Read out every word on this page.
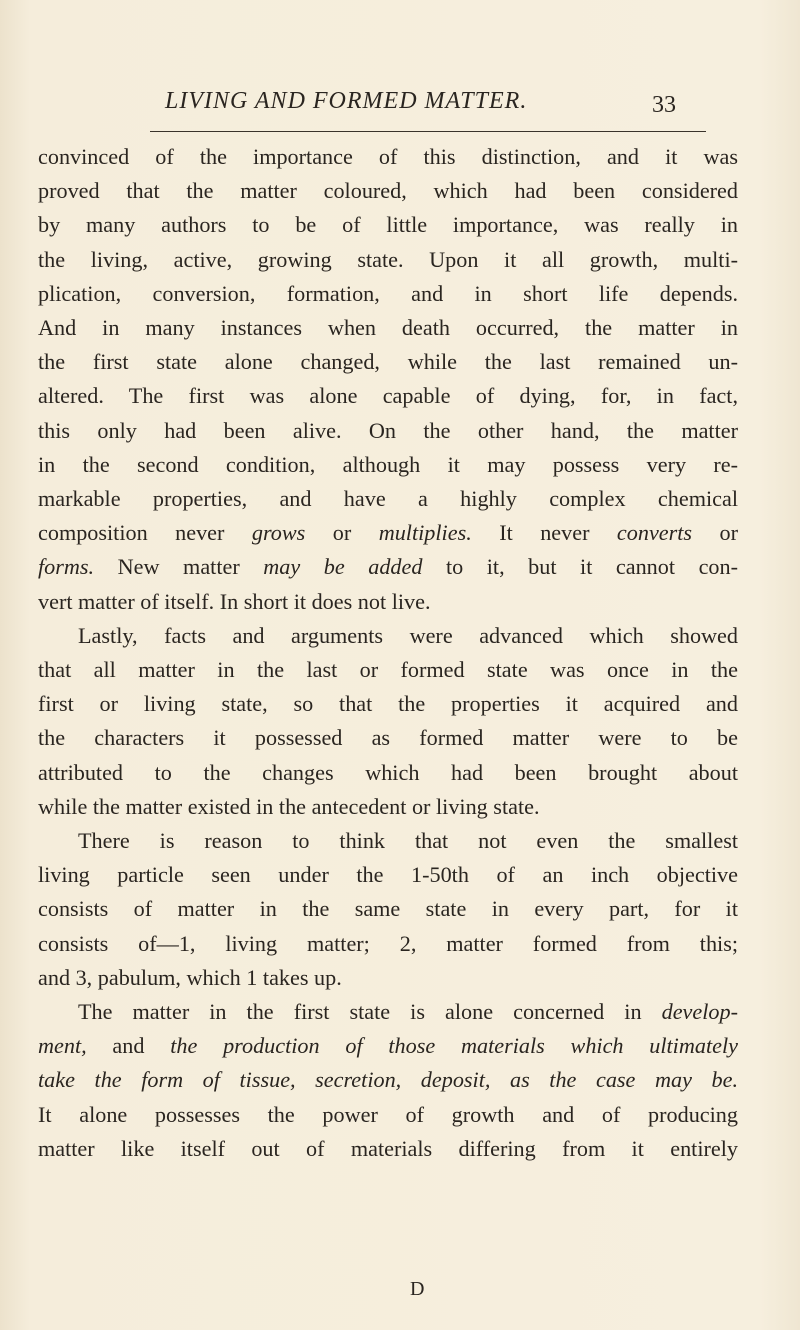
LIVING AND FORMED MATTER.	33
convinced of the importance of this distinction, and it was
proved that the matter coloured, which had been considered
by many authors to be of little importance, was really in
the living, active, growing state. Upon it all growth, multi-
plication, conversion, formation, and in short life depends.
And in many instances when death occurred, the matter in
the first state alone changed, while the last remained un-
altered. The first was alone capable of dying, for, in fact,
this only had been alive. On the other hand, the matter
in the second condition, although it may possess very re-
markable properties, and have a highly complex chemical
composition never grows or multiplies. It never converts or
forms. New matter may be added to it, but it cannot con-
vert matter of itself. In short it does not live.
Lastly, facts and arguments were advanced which showed
that all matter in the last or formed state was once in the
first or living state, so that the properties it acquired and
the characters it possessed as formed matter were to be
attributed to the changes which had been brought about
while the matter existed in the antecedent or living state.
There is reason to think that not even the smallest
living particle seen under the 1-50th of an inch objective
consists of matter in the same state in every part, for it
consists of—1, living matter; 2, matter formed from this;
and 3, pabulum, which 1 takes up.
The matter in the first state is alone concerned in develop-
ment, and the production of those materials which ultimately
take the form of tissue, secretion, deposit, as the case may be.
It alone possesses the power of growth and of producing
matter like itself out of materials differing from it entirely
D
